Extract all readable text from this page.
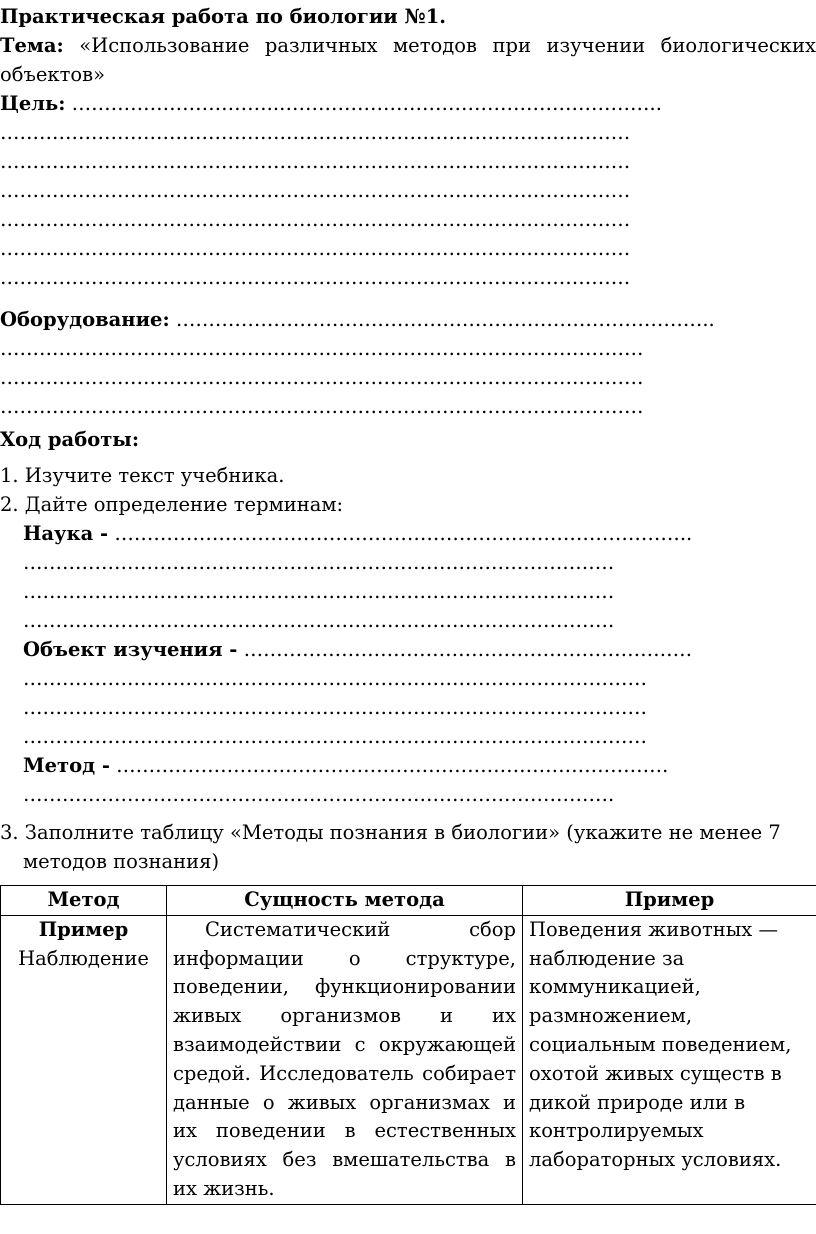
Практическая работа по биологии №1.
Тема: «Использование различных методов при изучении биологических
объектов»
Цель: …………………………..…………………………………………………..
……………………………………………………………………….……………
……………………………………………………………………….……………
……………………………………………………………………….……………
……………………………………………………………………….……………
……………………………………………………………………….……………
……………………………………………………………………….……………
Оборудование: ………………………………………………………………………..
………………………………………………………………………………………
………………………………………………………………………………………
………………………………………………………………………………………
Ход работы:
1. Изучите текст учебника.
2. Дайте определение терминам:
Наука - ……………………………………………………………………………..
………………………………………………………………….……………
………………………………………………………………….……………
……………………………………………………………………………….
Объект изучения - ……………………………………………………………
……………………………………………………………………………………
……………………………………………………………………………………
……………………………………………………………………………………
Метод - ………………………………………………………………………….
……………………………………………………………………………….
3. Заполните таблицу «Методы познания в биологии» (укажите не менее 7
методов познания)
Метод	Сущность метода	Пример

Пример
Наблюдение	Систематический сбор информации о структуре, поведении, функционировании живых организмов и их взаимодействии с окружающей средой. Исследователь собирает данные о живых организмах и их поведении в естественных условиях без вмешательства в их жизнь.	Поведения животных — наблюдение за коммуникацией, размножением, социальным поведением, охотой живых существ в дикой природе или в контролируемых лабораторных условиях.
